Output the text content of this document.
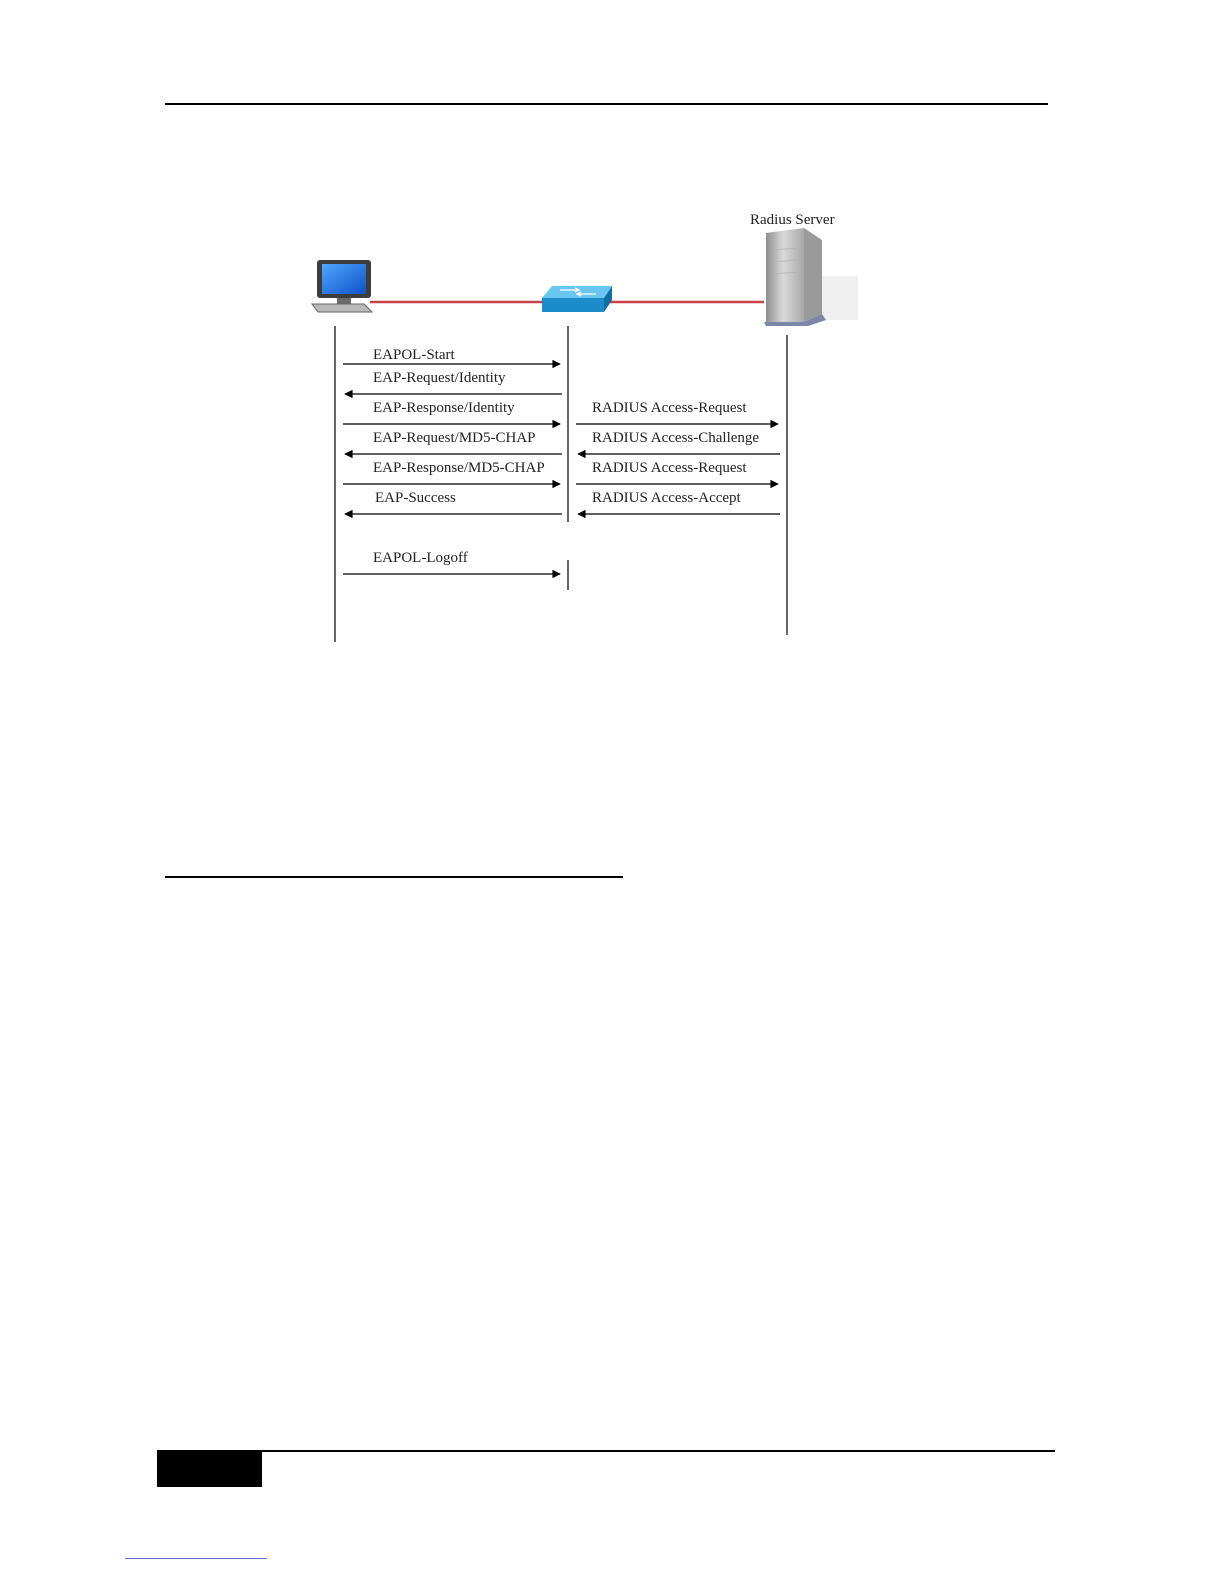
Radius Server
EAPOL-Start
EAP-Request/Identity
EAP-Response/Identity
EAP-Request/MD5-CHAP
EAP-Response/MD5-CHAP
EAP-Success
EAPOL-Logoff
RADIUS Access-Request
RADIUS Access-Challenge
RADIUS Access-Request
RADIUS Access-Accept
